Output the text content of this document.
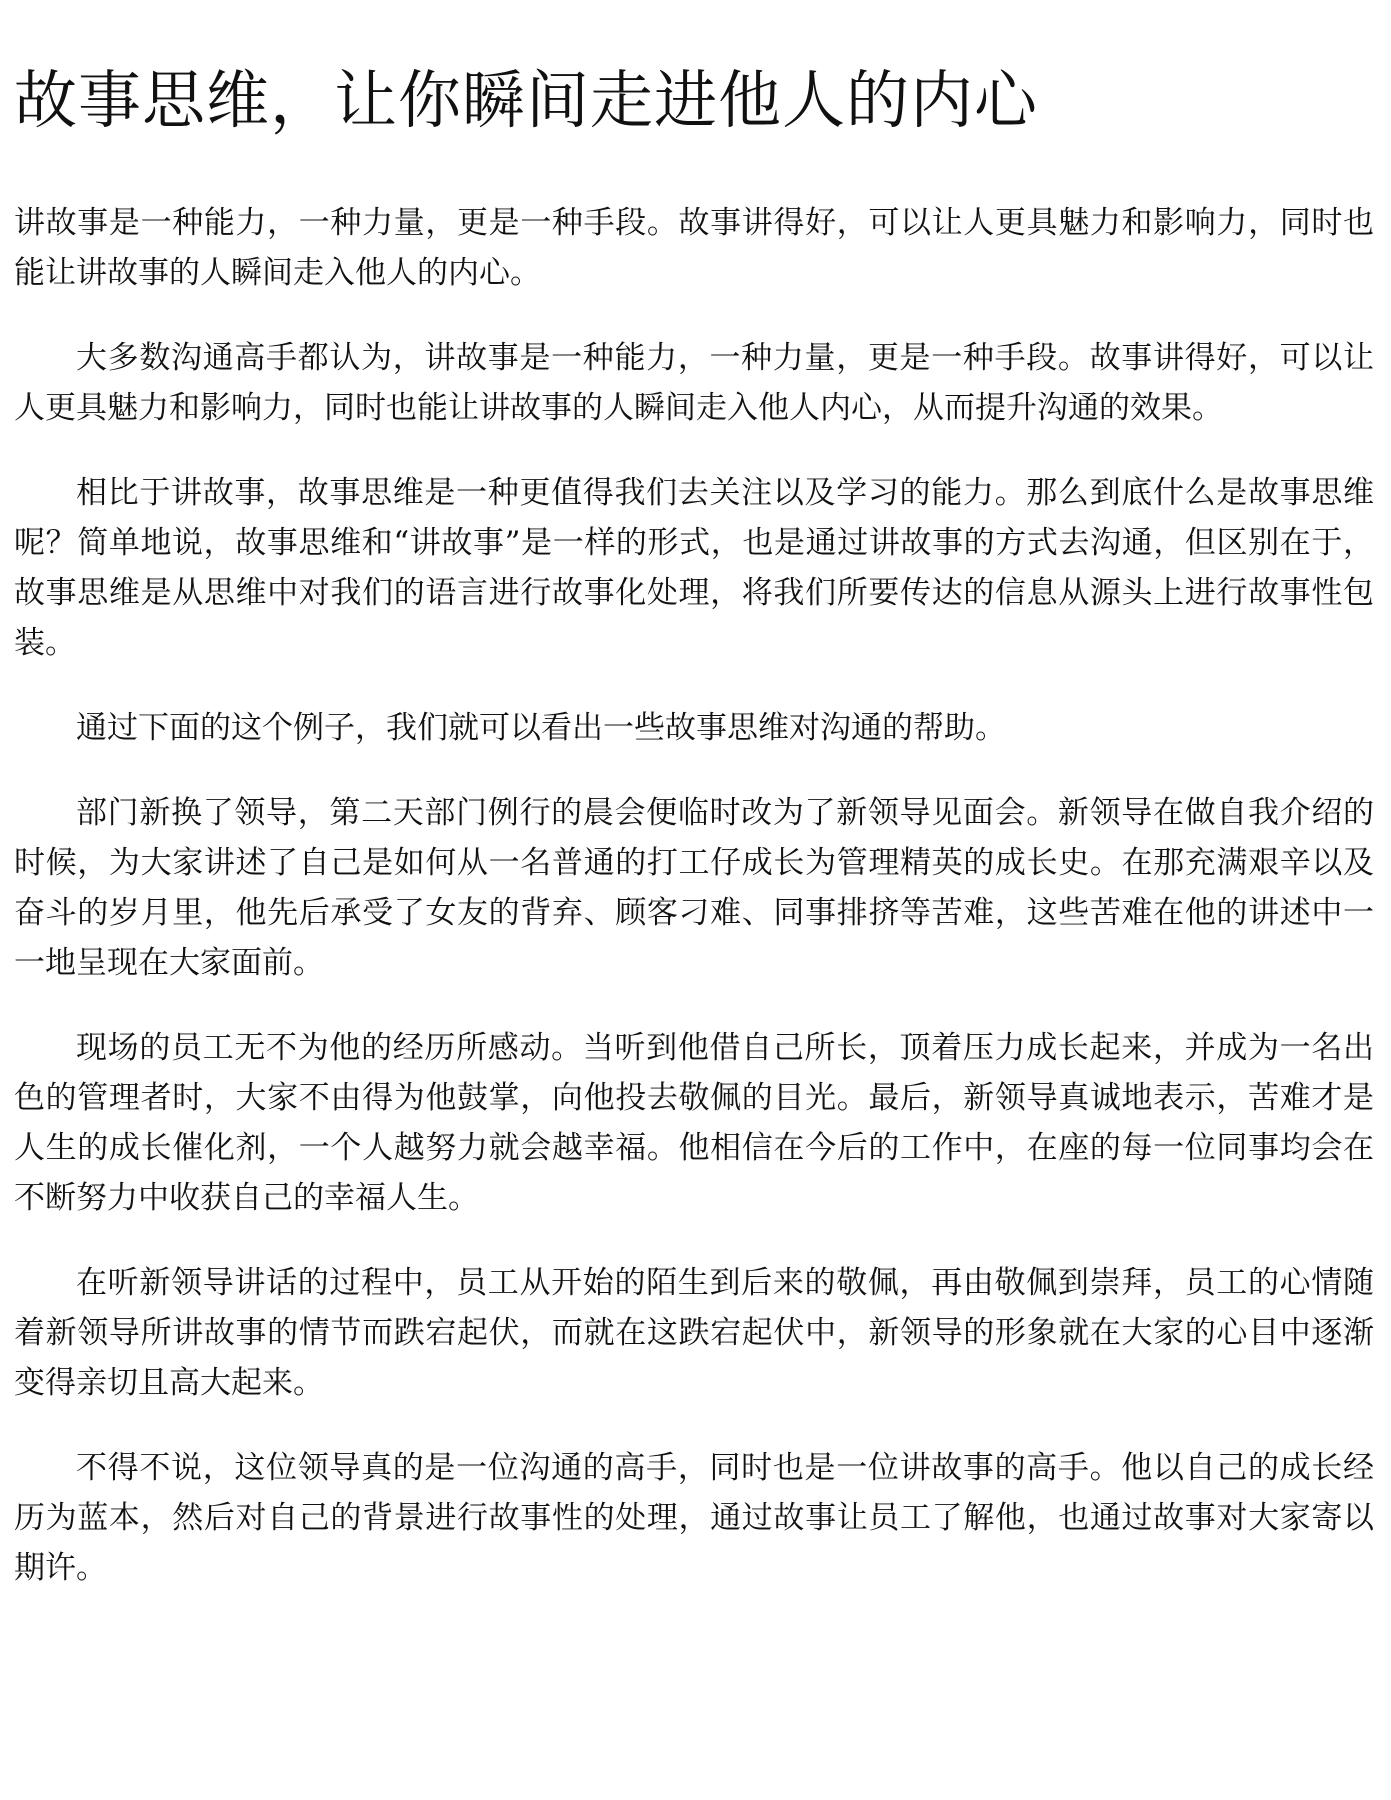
故事思维，让你瞬间走进他人的内心

讲故事是一种能力，一种力量，更是一种手段。故事讲得好，可以让人更具魅力和影响力，同时也能让讲故事的人瞬间走入他人的内心。

大多数沟通高手都认为，讲故事是一种能力，一种力量，更是一种手段。故事讲得好，可以让人更具魅力和影响力，同时也能让讲故事的人瞬间走入他人内心，从而提升沟通的效果。

相比于讲故事，故事思维是一种更值得我们去关注以及学习的能力。那么到底什么是故事思维呢？简单地说，故事思维和“讲故事”是一样的形式，也是通过讲故事的方式去沟通，但区别在于，故事思维是从思维中对我们的语言进行故事化处理，将我们所要传达的信息从源头上进行故事性包装。

通过下面的这个例子，我们就可以看出一些故事思维对沟通的帮助。

部门新换了领导，第二天部门例行的晨会便临时改为了新领导见面会。新领导在做自我介绍的时候，为大家讲述了自己是如何从一名普通的打工仔成长为管理精英的成长史。在那充满艰辛以及奋斗的岁月里，他先后承受了女友的背弃、顾客刁难、同事排挤等苦难，这些苦难在他的讲述中一一地呈现在大家面前。

现场的员工无不为他的经历所感动。当听到他借自己所长，顶着压力成长起来，并成为一名出色的管理者时，大家不由得为他鼓掌，向他投去敬佩的目光。最后，新领导真诚地表示，苦难才是人生的成长催化剂，一个人越努力就会越幸福。他相信在今后的工作中，在座的每一位同事均会在不断努力中收获自己的幸福人生。

在听新领导讲话的过程中，员工从开始的陌生到后来的敬佩，再由敬佩到崇拜，员工的心情随着新领导所讲故事的情节而跌宕起伏，而就在这跌宕起伏中，新领导的形象就在大家的心目中逐渐变得亲切且高大起来。

不得不说，这位领导真的是一位沟通的高手，同时也是一位讲故事的高手。他以自己的成长经历为蓝本，然后对自己的背景进行故事性的处理，通过故事让员工了解他，也通过故事对大家寄以期许。
